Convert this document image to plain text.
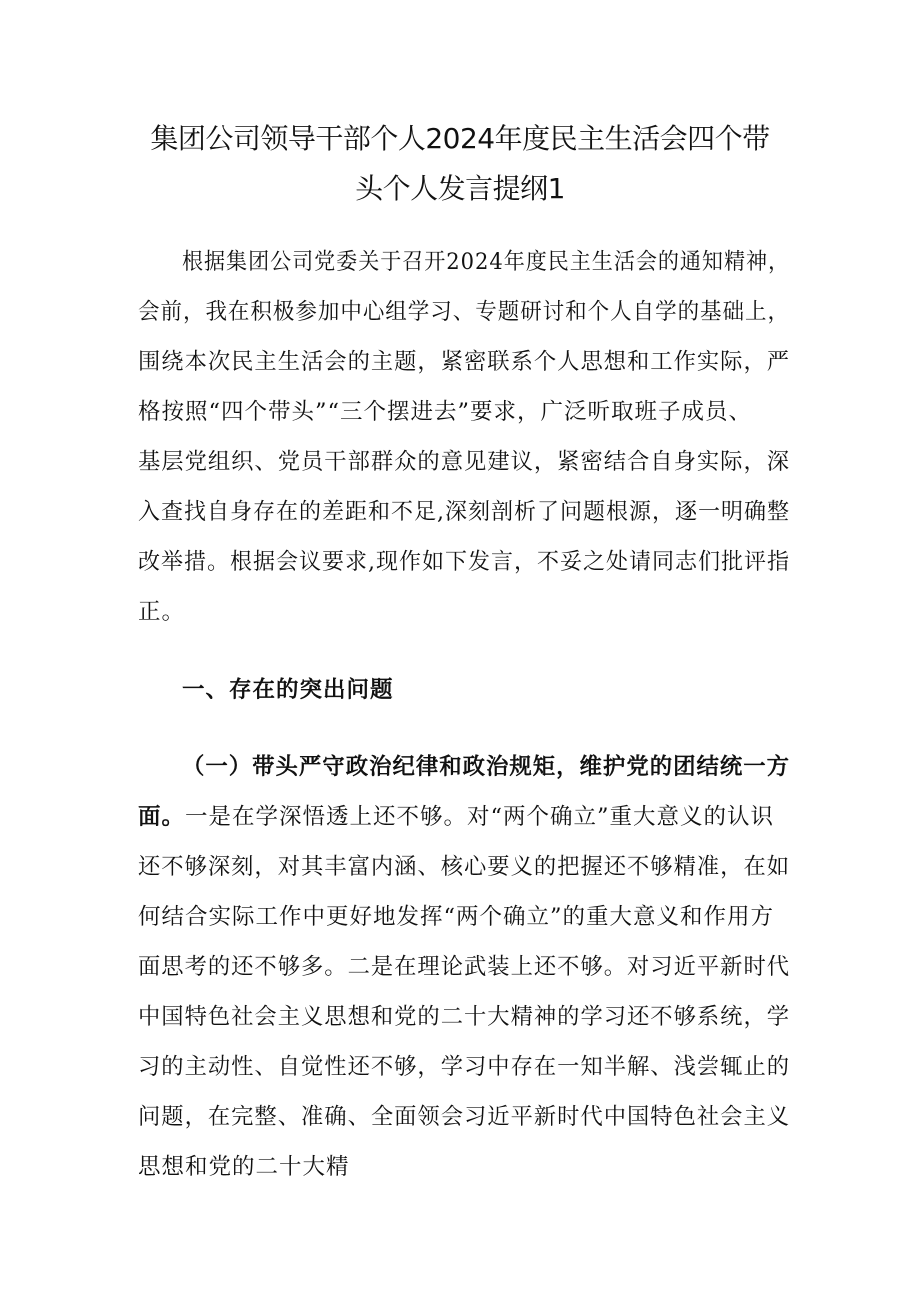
集团公司领导干部个人2024年度民主生活会四个带
头个人发言提纲1
根据集团公司党委关于召开2024年度民主生活会的通知精神，
会前，我在积极参加中心组学习、专题研讨和个人自学的基础上，
围绕本次民主生活会的主题，紧密联系个人思想和工作实际，严
格按照“四个带头”“三个摆进去”要求，广泛听取班子成员、
基层党组织、党员干部群众的意见建议，紧密结合自身实际，深
入查找自身存在的差距和不足,深刻剖析了问题根源，逐一明确整
改举措。根据会议要求,现作如下发言，不妥之处请同志们批评指
正。
一、存在的突出问题
（一）带头严守政治纪律和政治规矩，维护党的团结统一方
面。一是在学深悟透上还不够。对“两个确立”重大意义的认识
还不够深刻，对其丰富内涵、核心要义的把握还不够精准，在如
何结合实际工作中更好地发挥“两个确立”的重大意义和作用方
面思考的还不够多。二是在理论武装上还不够。对习近平新时代
中国特色社会主义思想和党的二十大精神的学习还不够系统，学
习的主动性、自觉性还不够，学习中存在一知半解、浅尝辄止的
问题，在完整、准确、全面领会习近平新时代中国特色社会主义
思想和党的二十大精
